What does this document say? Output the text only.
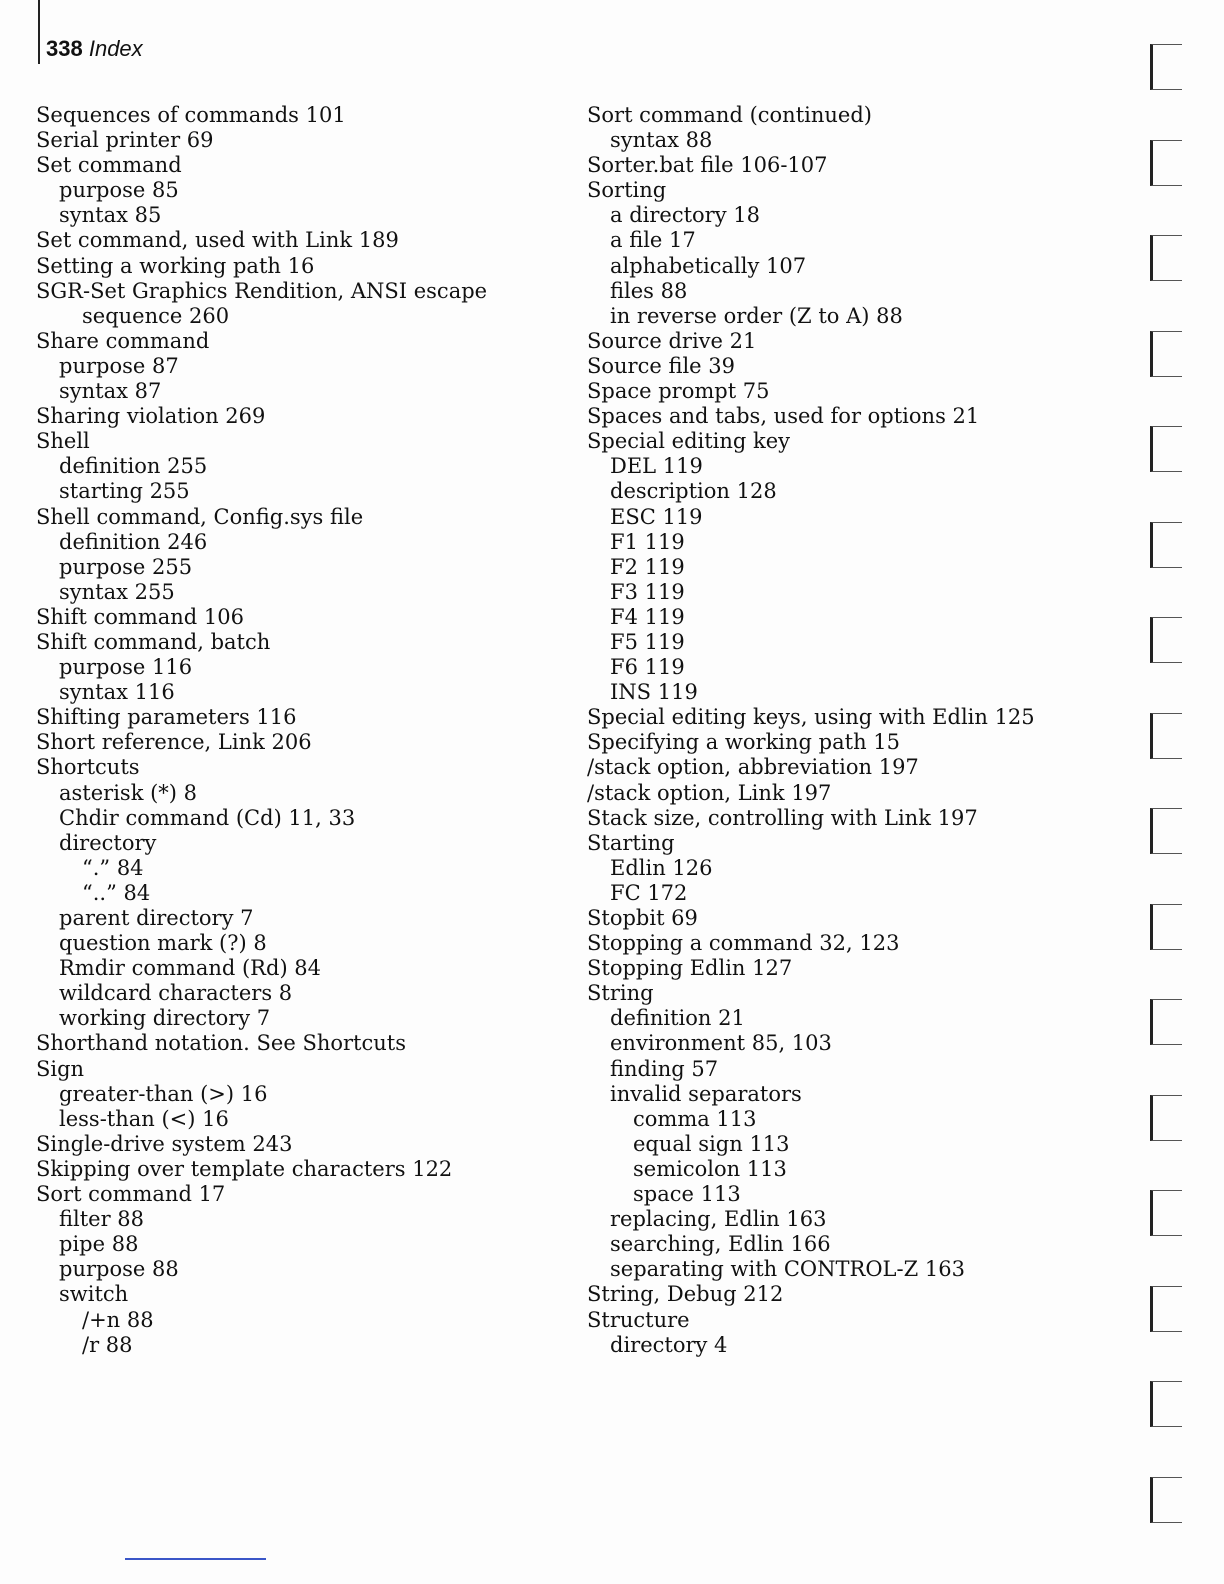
338 Index
Sequences of commands 101
Serial printer 69
Set command
purpose 85
syntax 85
Set command, used with Link 189
Setting a working path 16
SGR-Set Graphics Rendition, ANSI escape
sequence 260
Share command
purpose 87
syntax 87
Sharing violation 269
Shell
definition 255
starting 255
Shell command, Config.sys file
definition 246
purpose 255
syntax 255
Shift command 106
Shift command, batch
purpose 116
syntax 116
Shifting parameters 116
Short reference, Link 206
Shortcuts
asterisk (*) 8
Chdir command (Cd) 11, 33
directory
“.” 84
“..” 84
parent directory 7
question mark (?) 8
Rmdir command (Rd) 84
wildcard characters 8
working directory 7
Shorthand notation. See Shortcuts
Sign
greater-than (>) 16
less-than (<) 16
Single-drive system 243
Skipping over template characters 122
Sort command 17
filter 88
pipe 88
purpose 88
switch
/+n 88
/r 88
Sort command (continued)
syntax 88
Sorter.bat file 106-107
Sorting
a directory 18
a file 17
alphabetically 107
files 88
in reverse order (Z to A) 88
Source drive 21
Source file 39
Space prompt 75
Spaces and tabs, used for options 21
Special editing key
DEL 119
description 128
ESC 119
F1 119
F2 119
F3 119
F4 119
F5 119
F6 119
INS 119
Special editing keys, using with Edlin 125
Specifying a working path 15
/stack option, abbreviation 197
/stack option, Link 197
Stack size, controlling with Link 197
Starting
Edlin 126
FC 172
Stopbit 69
Stopping a command 32, 123
Stopping Edlin 127
String
definition 21
environment 85, 103
finding 57
invalid separators
comma 113
equal sign 113
semicolon 113
space 113
replacing, Edlin 163
searching, Edlin 166
separating with CONTROL-Z 163
String, Debug 212
Structure
directory 4
